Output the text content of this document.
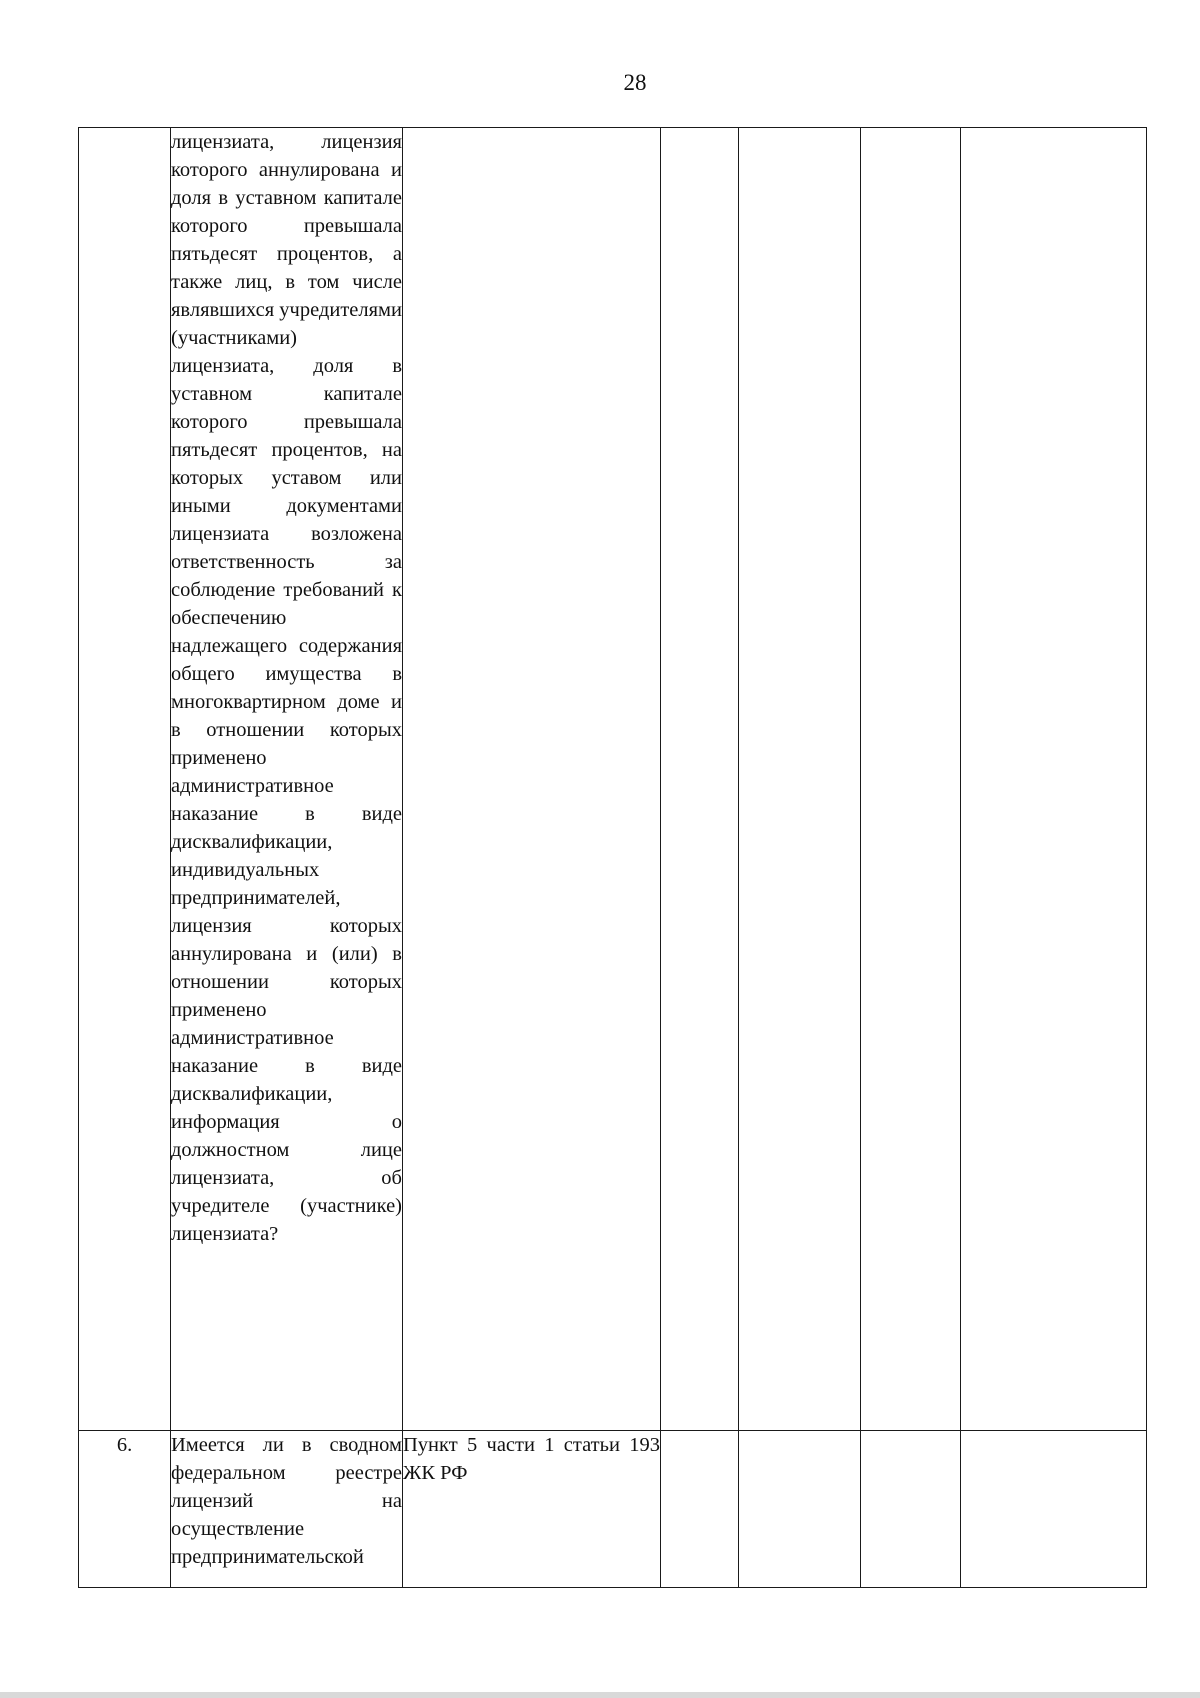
28
	лицензиата, лицензия которого аннулирована и доля в уставном капитале которого превышала пятьдесят процентов, а также лиц, в том числе являвшихся учредителями (участниками) лицензиата, доля в уставном капитале которого превышала пятьдесят процентов, на которых уставом или иными документами лицензиата возложена ответственность за соблюдение требований к обеспечению надлежащего содержания общего имущества в многоквартирном доме и в отношении которых применено административное наказание в виде дисквалификации, индивидуальных предпринимателей, лицензия которых аннулирована и (или) в отношении которых применено административное наказание в виде дисквалификации, информация о должностном лице лицензиата, об учредителе (участнике) лицензиата?					
6.	Имеется ли в сводном федеральном реестре лицензий на осуществление предпринимательской	Пункт 5 части 1 статьи 193 ЖК РФ				
